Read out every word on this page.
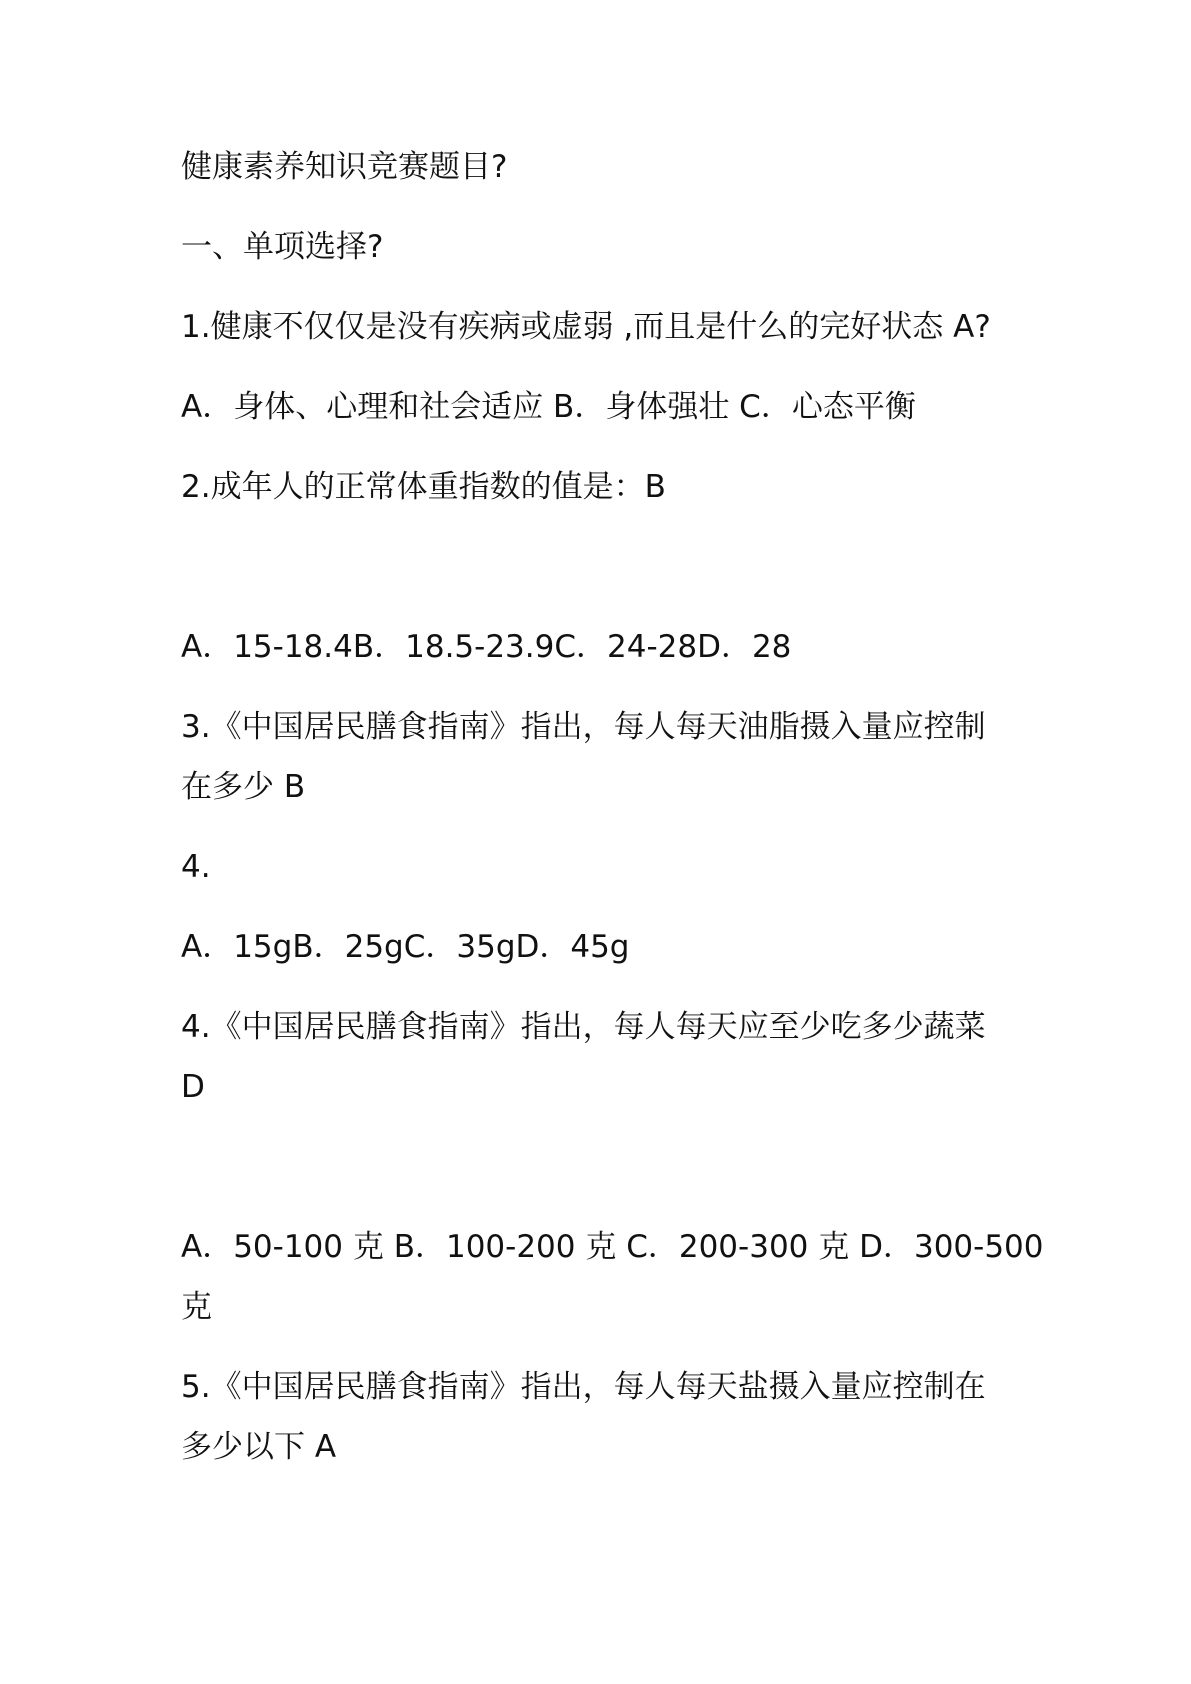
健康素养知识竞赛题目?
一、单项选择?
1.健康不仅仅是没有疾病或虚弱 ,而且是什么的完好状态 A?
A．身体、心理和社会适应 B．身体强壮 C．心态平衡
2.成年人的正常体重指数的值是：B
A．15-18.4B．18.5-23.9C．24-28D．28
3.《中国居民膳食指南》指出，每人每天油脂摄入量应控制
在多少 B
4.
A．15gB．25gC．35gD．45g
4.《中国居民膳食指南》指出，每人每天应至少吃多少蔬菜
D
A．50-100 克 B．100-200 克 C．200-300 克 D．300-500
克
5.《中国居民膳食指南》指出，每人每天盐摄入量应控制在
多少以下 A
